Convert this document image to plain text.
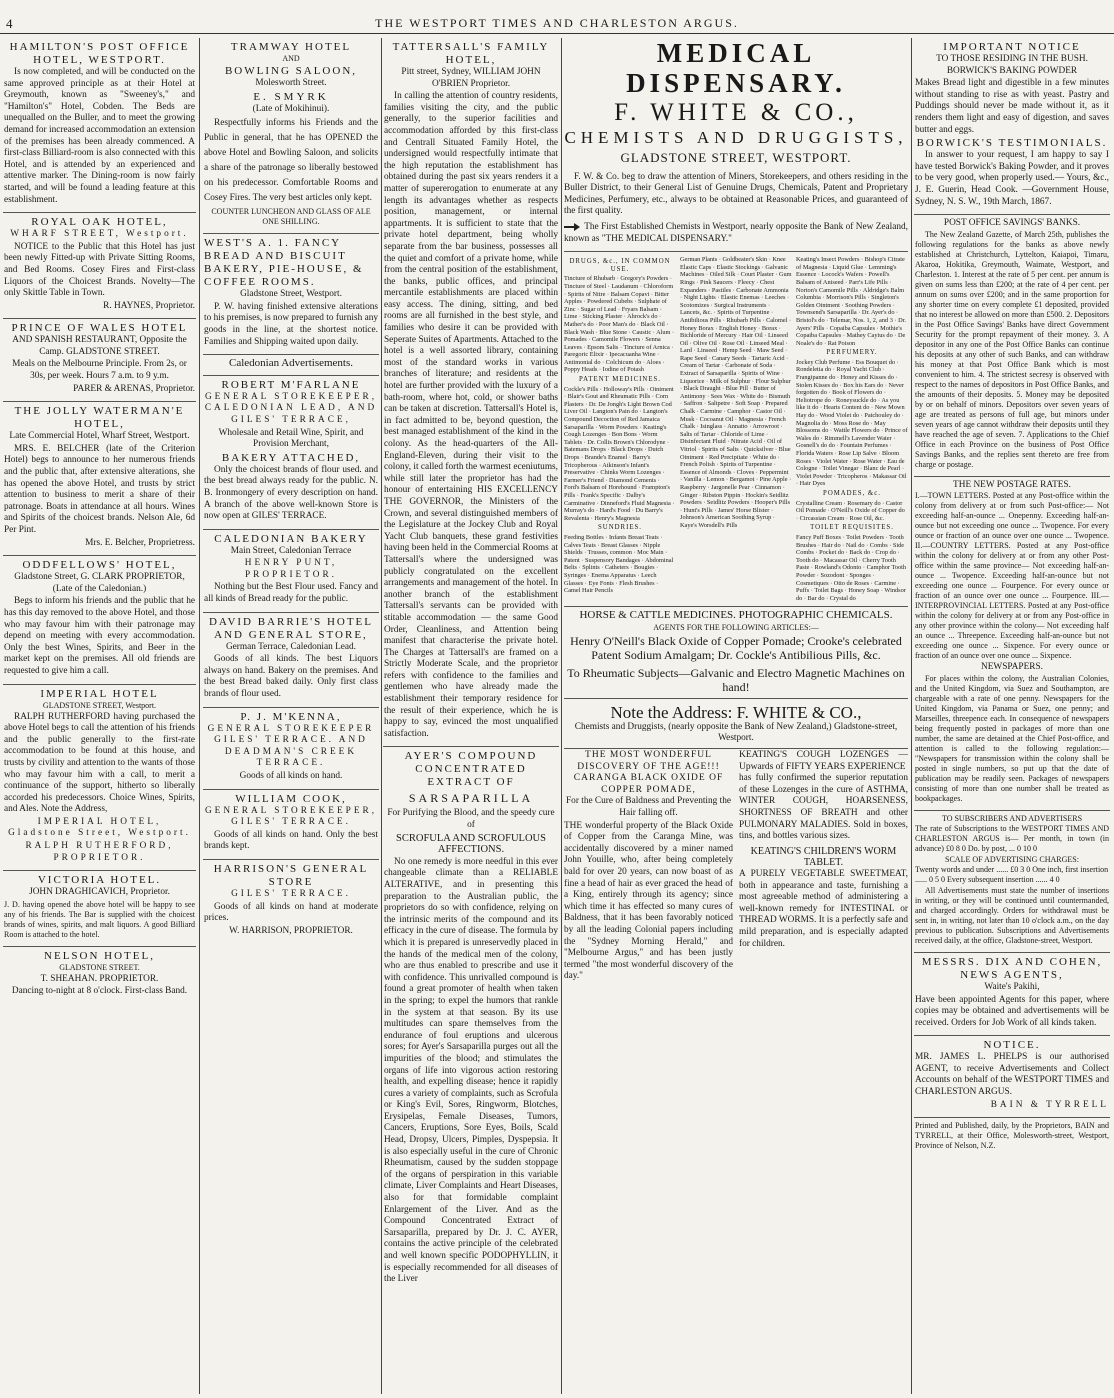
4	THE WESTPORT TIMES AND CHARLESTON ARGUS.
HAMILTON'S POST OFFICE HOTEL, WESTPORT.

Is now completed, and will be conducted on the same approved principle as at their Hotel at Greymouth, known as "Sweeney's," and "Hamilton's" Hotel, Cobden. The Beds are unequalled on the Buller, and to meet the growing demand for increased accommodation an extension of the premises has been already commenced. A first-class Billiard-room is also connected with this Hotel, and is attended by an experienced and attentive marker. The Dining-room is now fairly started, and will be found a leading feature at this establishment.

ROYAL OAK HOTEL,

WHARF STREET, Westport.

NOTICE to the Public that this Hotel has just been newly Fitted-up with Private Sitting Rooms, and Bed Rooms. Cosey Fires and First-class Liquors of the Choicest Brands. Novelty—The only Skittle Table in Town.

R. HAYNES, Proprietor.

PRINCE OF WALES HOTEL

AND SPANISH RESTAURANT, Opposite the Camp. GLADSTONE STREET.

Meals on the Melbourne Principle. From 2s, or 30s, per week. Hours 7 a.m. to 9 y.m.

PARER & ARENAS, Proprietor.

THE JOLLY WATERMAN'E HOTEL,

Late Commercial Hotel, Wharf Street, Westport.

MRS. E. BELCHER (late of the Criterion Hotel) begs to announce to her numerous friends and the public that, after extensive alterations, she has opened the above Hotel, and trusts by strict attention to business to merit a share of their patronage. Boats in attendance at all hours. Wines and Spirits of the choicest brands. Nelson Ale, 6d Per Pint.

Mrs. E. Belcher, Proprietress.

ODDFELLOWS' HOTEL,

Gladstone Street, G. CLARK PROPRIETOR, (Late of the Caledonian.)

Begs to inform his friends and the public that he has this day removed to the above Hotel, and those who may favour him with their patronage may depend on meeting with every accommodation. Only the best Wines, Spirits, and Beer in the market kept on the premises. All old friends are requested to give him a call.

IMPERIAL HOTEL

GLADSTONE STREET, Westport.

RALPH RUTHERFORD having purchased the above Hotel begs to call the attention of his friends and the public generally to the first-rate accommodation to be found at this house, and trusts by civility and attention to the wants of those who may favour him with a call, to merit a continuance of the support, hitherto so liberally accorded his predecessors. Choice Wines, Spirits, and Ales. Note the Address,

IMPERIAL HOTEL, Gladstone Street, Westport.

RALPH RUTHERFORD, PROPRIETOR.

VICTORIA HOTEL.

JOHN DRAGHICAVICH, Proprietor.

J. D. having opened the above hotel will be happy to see any of his friends. The Bar is supplied with the choicest brands of wines, spirits, and malt liquors. A good Billiard Room is attached to the hotel.

NELSON HOTEL,

GLADSTONE STREET.

T. SHEAHAN. PROPRIETOR.

Dancing to-night at 8 o'clock. First-class Band.

TRAMWAY HOTEL

AND

BOWLING SALOON,

Molesworth Street.

E. SMYRK

(Late of Mokihinui).

Respectfully informs his Friends and the Public in general, that he has OPENED the above Hotel and Bowling Saloon, and solicits a share of the patronage so liberally bestowed on his predecessor. Comfortable Rooms and Cosey Fires. The very best articles only kept.

COUNTER LUNCHEON AND GLASS OF ALE ONE SHILLING.

WEST'S A. 1. FANCY BREAD AND BISCUIT BAKERY, PIE-HOUSE, & COFFEE ROOMS.

Gladstone Street, Westport.

P. W. having finished extensive alterations to his premises, is now prepared to furnish any goods in the line, at the shortest notice. Families and Shipping waited upon daily.

Caledonian Advertisements.
ROBERT M'FARLANE

GENERAL STOREKEEPER, CALEDONIAN LEAD, AND GILES' TERRACE,

Wholesale and Retail Wine, Spirit, and Provision Merchant,

BAKERY ATTACHED,

Only the choicest brands of flour used. and the best bread always ready for the public. N. B. Ironmongery of every description on hand. A branch of the above well-known Store is now open at GILES' TERRACE.

CALEDONIAN BAKERY

Main Street, Caledonian Terrace

HENRY PUNT, PROPRIETOR.

Nothing but the Best Flour used. Fancy and all kinds of Bread ready for the public.

DAVID BARRIE'S HOTEL AND GENERAL STORE,

German Terrace, Caledonian Lead.

Goods of all kinds. The best Liquors always on hand. Bakery on the premises. And the best Bread baked daily. Only first class brands of flour used.

P. J. M'KENNA,

GENERAL STOREKEEPER GILES' TERRACE. AND DEADMAN'S CREEK TERRACE.

Goods of all kinds on hand.

WILLIAM COOK,

GENERAL STOREKEEPER, GILES' TERRACE.

Goods of all kinds on hand. Only the best brands kept.

HARRISON'S GENERAL STORE

GILES' TERRACE.

Goods of all kinds on hand at moderate prices.

W. HARRISON, PROPRIETOR.

TATTERSALL'S FAMILY HOTEL,

Pitt street, Sydney, WILLIAM JOHN O'BRIEN Proprietor.

In calling the attention of country residents, families visiting the city, and the public generally, to the superior facilities and accommodation afforded by this first-class and Centrall Situated Family Hotel, the undersigned would respectfully intimate that the high reputation the establishment has obtained during the past six years renders it a matter of supererogation to enumerate at any length its advantages whether as respects position, management, or internal appartments. It is sufficient to state that the private hotel department, being wholly separate from the bar business, possesses all the quiet and comfort of a private home, while from the central position of the establishment, the banks, public offices, and principal mercantile establishments are placed within easy access. The dining, sitting, and bed rooms are all furnished in the best style, and families who desire it can be provided with Seperate Suites of Apartments. Attached to the hotel is a well assorted library, containing most of the standard works in various branches of literature; and residents at the hotel are further provided with the luxury of a bath-room, where hot, cold, or shower baths can be taken at discretion. Tattersall's Hotel is, in fact admitted to be, beyond question, the best managed establishment of the kind in the colony. As the head-quarters of the All-England-Eleven, during their visit to the colony, it called forth the warmest eceniutums, while still later the proprietor has had the honour of entertaining HIS EXCELLENCY THE GOVERNOR, the Ministers of the Crown, and several distinguished members of the Legislature at the Jockey Club and Royal Yacht Club banquets, these grand festivities having been held in the Commercial Rooms at Tattersall's where the undersigned was publicly congratulated on the excellent arrangements and management of the hotel. In another branch of the establishment Tattersall's servants can be provided with stitable accommodation — the same Good Order, Cleanliness, and Attention being manifest that characterise the private hotel. The Charges at Tattersall's are framed on a Strictly Moderate Scale, and the proprietor refers with confidence to the families and gentlemen who have already made the establishment their temporary residence for the result of their experience, which he is happy to say, evinced the most unqualified satisfaction.

AYER'S COMPOUND CONCENTRATED EXTRACT OF
SARSAPARILLA

For Purifying the Blood, and the speedy cure of

SCROFULA AND SCROFULOUS AFFECTIONS.

No one remedy is more needful in this ever changeable climate than a RELIABLE ALTERATIVE, and in presenting this preparation to the Australian public, the proprietors do so with confidence, relying on the intrinsic merits of the compound and its efficacy in the cure of disease. The formula by which it is prepared is unreservedly placed in the hands of the medical men of the colony, who are thus enabled to prescribe and use it with confidence. This unrivalled compound is found a great promoter of health when taken in the spring; to expel the humors that rankle in the system at that season. By its use multitudes can spare themselves from the endurance of foul eruptions and ulcerous sores; for Ayer's Sarsaparilla purges out all the impurities of the blood; and stimulates the organs of life into vigorous action restoring health, and expelling disease; hence it rapidly cures a variety of complaints, such as Scrofula or King's Evil, Sores, Ringworm, Blotches, Erysipelas, Female Diseases, Tumors, Cancers, Eruptions, Sore Eyes, Boils, Scald Head, Dropsy, Ulcers, Pimples, Dyspepsia. It is also especially useful in the cure of Chronic Rheumatism, caused by the sudden stoppage of the organs of perspiration in this variable climate, Liver Complaints and Heart Diseases, also for that formidable complaint Enlargement of the Liver. And as the Compound Concentrated Extract of Sarsaparilla, prepared by Dr. J. C. AYER, contains the active principle of the celebrated and well known specific PODOPHYLLIN, it is especially recommended for all diseases of the Liver

MEDICAL DISPENSARY.
F. WHITE & CO.,
CHEMISTS AND DRUGGISTS,
GLADSTONE STREET, WESTPORT.

F. W. & Co. beg to draw the attention of Miners, Storekeepers, and others residing in the Buller District, to their General List of Genuine Drugs, Chemicals, Patent and Proprietary Medicines, Perfumery, etc., always to be obtained at Reasonable Prices, and guaranteed of the first quality.

The First Established Chemists in Westport, nearly opposite the Bank of New Zealand, known as "THE MEDICAL DISPENSARY."

DRUGS, &c., IN COMMON USE.
Tincture of Rhubarb · Gregory's Powders · Tincture of Steel · Laudanum · Chloroform · Spirits of Nitre · Balsam Copavi · Bitter Apples · Powdered Cubebs · Sulphate of Zinc · Sugar of Lead · Fryars Balsam · Lime · Sticking Plaster · Ahrock's do · Mather's do · Poor Man's do · Black Oil · Black Wash · Blue Stone · Caustic · Alum · Pomades · Camomile Flowers · Senna Leaves · Epsom Salts · Tincture of Arnica · Paregoric Elixir · Ipecacuanha Wine · Antimonial do · Colchicum do · Aloes · Poppy Heads · Iodine of Potash
PATENT MEDICINES.
Cockle's Pills · Holloway's Pills · Ointment · Blair's Gout and Rheumatic Pills · Corn Plasters · Dr. De Jongh's Light Brown Cod Liver Oil · Langton's Pain do · Langton's Compound Decoction of Red Jamaica Sarsaparilla · Worm Powders · Keating's Cough Lozenges · Bon Bons · Worm Tablets · Dr. Collis Brown's Chlorodyne · Batemans Drops · Black Drops · Dutch Drops · Brande's Enamel · Barry's Tricopherous · Atkinson's Infant's Preservative · Chinks Worm Lozenges · Farmer's Friend · Diamond Cements · Ford's Balsam of Horehound · Frampton's Pills · Frank's Specific · Dalby's Carminative · Dinneford's Fluid Magnesia · Murray's do · Hard's Food · Du Barry's Revalenta · Henry's Magnesia
SUNDRIES.
Feeding Bottles · Infants Breast Teats · Calves Teats · Breast Glasses · Nipple Shields · Trusses, common · Moc Main · Patent · Suspensory Bandages · Abdominal Belts · Splints · Catheters · Bougies · Syringes · Enema Apparatus · Leech Glasses · Eye Fonts · Flesh Brushes · Camel Hair Pencils
German Plants · Goldbeater's Skin · Knee Elastic Caps · Elastic Stockings · Galvanic Machines · Oiled Silk · Court Plaster · Gum Rings · Pink Saucers · Fleecy · Chest Expanders · Pastiles · Carbonate Ammonia · Night Lights · Elastic Enemas · Leeches · Scotomizes · Surgical Instruments · Lancets, &c. · Spirits of Turpentine · Antibilious Pills · Rhubarb Pills · Calomel · Honey Borax · English Honey · Borax · Bichloride of Mercury · Hair Oil · Linseed Oil · Olive Oil · Rose Oil · Linseed Meal · Lard · Linseed · Hemp Seed · Maw Seed · Rape Seed · Canary Seeds · Tartaric Acid · Cream of Tartar · Carbonate of Soda · Extract of Sarsaparilla · Spirits of Wine · Liquorice · Milk of Sulphur · Flour Sulphur · Black Draught · Blue Pill · Butter of Antimony · Sees Wax · White do · Bismuth · Saffron · Saltpetre · Soft Soap · Prepared Chalk · Carmine · Camphor · Castor Oil · Musk · Cocoanut Oil · Magnesia · French Chalk · Isinglass · Annatto · Arrowroot · Salts of Tartar · Chloride of Lime · Disinfectant Fluid · Nitrate Acid · Oil of Vitriol · Spirits of Salts · Quicksilver · Blue Ointment · Red Precipitate · White do · French Polish · Spirits of Turpentine · Essence of Almonds · Cloves · Peppermint · Vanilla · Lemon · Bergamot · Pine Apple · Raspberry · Jargonelle Pear · Cinnamon · Ginger · Ribston Pippin · Hockin's Seidlitz Powders · Seidlitz Powders · Hooper's Pills · Hunt's Pills · James' Horse Blister · Johnson's American Soothing Syrup · Kaye's Worsdell's Pills
Keating's Insect Powders · Bishop's Citrate of Magnesia · Liquid Glue · Lemming's Essence · Locock's Wafers · Powell's Balsam of Aniseed · Parr's Life Pills · Norton's Camomile Pills · Aldridge's Balm Columbia · Morrison's Pills · Singleton's Golden Ointment · Soothing Powders · Townsend's Sarsaparilla · Dr. Ayer's do · Bristol's do · Telemar, Nos. 1, 2, and 3 · Dr. Ayers' Pills · Copaiba Capsules · Mothie's Copaiba Capsules · Mathey Cayius do · De Noale's do · Rat Poison
PERFUMERY.
Jockey Club Perfume · Ess Bouquet do · Rondeletia do · Royal Yacht Club · Frangipanne do · Honey and Kisses do · Stolen Kisses do · Box his Ears do · Never forgotten do · Book of Flowers do · Heliotrope do · Roneysuckle do · As you like it do · Hearts Content do · New Mown Hay do · Wood Violet do · Patchouley do · Magnolia do · Moss Rose do · May Blossoms do · Wattle Flowers do · Prince of Wales do · Rimmell's Lavender Water · Gosnell's do do · Fountain Perfumes · Florida Waters · Rose Lip Salve · Bloom Roses · Violet Water · Rose Water · Eau de Cologne · Toilet Vinegar · Blanc de Pearl · Violet Powder · Tricopheros · Makassar Oil · Hair Dyes
POMADES, &c.
Crystalline Cream · Rosemary do · Castor Oil Pomade · O'Neill's Oxide of Copper do · Circassian Cream · Rose Oil, &c.
TOILET REQUISITES.
Fancy Puff Boxes · Toilet Powders · Tooth Brushes · Hair do · Nail do · Combs · Side Combs · Pocket do · Back do · Crop do · Tooth do · Macassar Oil · Cherry Tooth Paste · Rowland's Odonto · Camphor Tooth Powder · Sozodont · Sponges · Cosmetiques · Otto de Roses · Carmine · Puffs · Toilet Bags · Honey Soap · Windsor do · Bar do · Crystal do

HORSE & CATTLE MEDICINES. PHOTOGRAPHIC CHEMICALS.

AGENTS FOR THE FOLLOWING ARTICLES:—

Henry O'Neill's Black Oxide of Copper Pomade; Crooke's celebrated Patent Sodium Amalgam; Dr. Cockle's Antibilious Pills, &c.

To Rheumatic Subjects—Galvanic and Electro Magnetic Machines on hand!

Note the Address: F. WHITE & CO.,

Chemists and Druggists, (nearly opposite the Bank of New Zealand,) Gladstone-street, Westport.

THE MOST WONDERFUL DISCOVERY OF THE AGE!!! CARANGA BLACK OXIDE OF COPPER POMADE,

For the Cure of Baldness and Preventing the Hair falling off.

THE wonderful property of the Black Oxide of Copper from the Caranga Mine, was accidentally discovered by a miner named John Youille, who, after being completely bald for over 20 years, can now boast of as fine a head of hair as ever graced the head of a King, entirely through its agency; since which time it has effected so many cures of Baldness, that it has been favorably noticed by all the leading Colonial papers including the "Sydney Morning Herald," and "Melbourne Argus," and has been justly termed "the most wonderful discovery of the day."

KEATING'S COUGH LOZENGES —Upwards of FIFTY YEARS EXPERIENCE

has fully confirmed the superior reputation of these Lozenges in the cure of ASTHMA, WINTER COUGH, HOARSENESS, SHORTNESS OF BREATH and other PULMONARY MALADIES. Sold in boxes, tins, and bottles various sizes.

KEATING'S CHILDREN'S WORM TABLET.

A PURELY VEGETABLE SWEETMEAT, both in appearance and taste, furnishing a most agreeable method of administering a well-known remedy for INTESTINAL or THREAD WORMS. It is a perfectly safe and mild preparation, and is especially adapted for children.

IMPORTANT NOTICE

TO THOSE RESIDING IN THE BUSH. BORWICK'S BAKING POWDER

Makes Bread light and digestible in a few minutes without standing to rise as with yeast. Pastry and Puddings should never be made without it, as it renders them light and easy of digestion, and saves butter and eggs.

BORWICK'S TESTIMONIALS.

In answer to your request, I am happy to say I have tested Borwick's Baking Powder, and it proves to be very good, when properly used.— Yours, &c., J. E. Guerin, Head Cook. —Government House, Sydney, N. S. W., 19th March, 1867.

POST OFFICE SAVINGS' BANKS.

The New Zealand Gazette, of March 25th, publishes the following regulations for the banks as above newly established at Christchurch, Lyttelton, Kaiapoi, Timaru, Akaroa, Hokitika, Greymouth, Waimate, Westport, and Charleston. 1. Interest at the rate of 5 per cent. per annum is given on sums less than £200; at the rate of 4 per cent. per annum on sums over £200; and in the same proportion for any shorter time on every complete £1 deposited, provided that no interest be allowed on more than £500. 2. Depositors in the Post Office Savings' Banks have direct Government Security for the prompt repayment of their money. 3. A depositor in any one of the Post Office Banks can continue his deposits at any other of such Banks, and can withdraw his money at that Post Office Bank which is most convenient to him. 4. The strictest secresy is observed with respect to the names of depositors in Post Office Banks, and the amounts of their deposits. 5. Money may be deposited by or on behalf of minors. Depositors over seven years of age are treated as persons of full age, but minors under seven years of age cannot withdraw their deposits until they have reached the age of seven. 7. Applications to the Chief Office in each Province on the business of Post Office Savings Banks, and the replies sent thereto are free from charge or postage.

THE NEW POSTAGE RATES.

I.—TOWN LETTERS. Posted at any Post-office within the colony from delivery at or from such Post-office:— Not exceeding half-an-ounce ... Onepenny. Exceeding half-an-ounce but not exceeding one ounce ... Twopence. For every ounce or fraction of an ounce over one ounce ... Twopence. II.—COUNTRY LETTERS. Posted at any Post-office within the colony for delivery at or from any other Post-office within the same province— Not exceeding half-an-ounce ... Twopence. Exceeding half-an-ounce but not exceeding one ounce ... Fourpence. For every ounce or fraction of an ounce over one ounce ... Fourpence. III.—INTERPROVINCIAL LETTERS. Posted at any Post-office within the colony for delivery at or from any Post-office in any other province within the colony— Not exceeding half an ounce ... Threepence. Exceeding half-an-ounce but not exceeding one ounce ... Sixpence. For every ounce or fraction of an ounce over one ounce ... Sixpence.

NEWSPAPERS.

For places within the colony, the Australian Colonies, and the United Kingdom, via Suez and Southampton, are chargeable with a rate of one penny. Newspapers for the United Kingdom, via Panama or Suez, one penny; and Marseilles, threepence each. In consequence of newspapers being frequently posted in packages of more than one number, the same are detained at the Chief Post-office, and attention is called to the following regulation:— "Newspapers for transmission within the colony shall be posted in single numbers, so put up that the date of publication may be readily seen. Packages of newspapers consisting of more than one number shall be treated as bookpackages.

TO SUBSCRIBERS AND ADVERTISERS

The rate of Subscriptions to the WESTPORT TIMES AND CHARLESTON ARGUS is— Per month, in town (in advance) £0 8 0 Do. by post, ... 0 10 0

SCALE OF ADVERTISING CHARGES:

Twenty words and under ...... £0 3 0 One inch, first insertion ...... 0 5 0 Every subsequent insertion ...... 4 0

All Advertisements must state the number of insertions in writing, or they will be continued until countermanded, and charged accordingly. Orders for withdrawal must be sent in, in writing, not later than 10 o'clock a.m., on the day previous to publication. Subscriptions and Advertisements received daily, at the office, Gladstone-street, Westport.

MESSRS. DIX AND COHEN, NEWS AGENTS,

Waite's Pakihi,

Have been appointed Agents for this paper, where copies may be obtained and advertisements will be received. Orders for Job Work of all kinds taken.

NOTICE.

MR. JAMES L. PHELPS is our authorised AGENT, to receive Advertisements and Collect Accounts on behalf of the WESTPORT TIMES and CHARLESTON ARGUS.

BAIN & TYRRELL

Printed and Published, daily, by the Proprietors, BAIN and TYRRELL, at their Office, Molesworth-street, Westport, Province of Nelson, N.Z.
